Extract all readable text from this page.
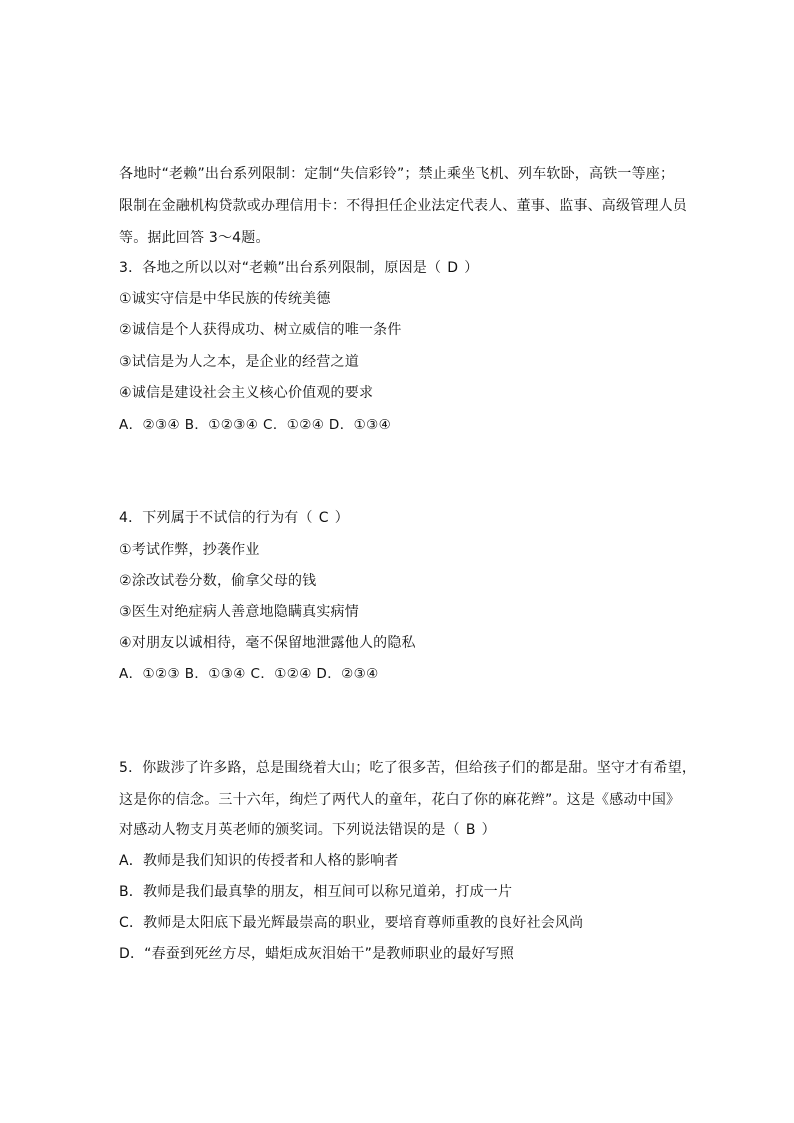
各地时“老赖”出台系列限制：定制“失信彩铃”；禁止乘坐飞机、列车软卧，高铁一等座；
限制在金融机构贷款或办理信用卡：不得担任企业法定代表人、董事、监事、高级管理人员
等。据此回答 3～4题。
3．各地之所以以对“老赖”出台系列限制，原因是（ D ）
①诚实守信是中华民族的传统美德
②诚信是个人获得成功、树立威信的唯一条件
③试信是为人之本，是企业的经营之道
④诚信是建设社会主义核心价值观的要求
A．②③④ B．①②③④ C．①②④ D．①③④
4．下列属于不试信的行为有（ C ）
①考试作弊，抄袭作业
②涂改试卷分数，偷拿父母的钱
③医生对绝症病人善意地隐瞒真实病情
④对朋友以诚相待，毫不保留地泄露他人的隐私
A．①②③ B．①③④ C．①②④ D．②③④
5．你跋涉了许多路，总是围绕着大山；吃了很多苦，但给孩子们的都是甜。坚守才有希望，
这是你的信念。三十六年，绚烂了两代人的童年，花白了你的麻花辫”。这是《感动中国》
对感动人物支月英老师的颁奖词。下列说法错误的是（ B ）
A．教师是我们知识的传授者和人格的影响者
B．教师是我们最真挚的朋友，相互间可以称兄道弟，打成一片
C．教师是太阳底下最光辉最崇高的职业，要培育尊师重教的良好社会风尚
D．“春蚕到死丝方尽，蜡炬成灰泪始干”是教师职业的最好写照
